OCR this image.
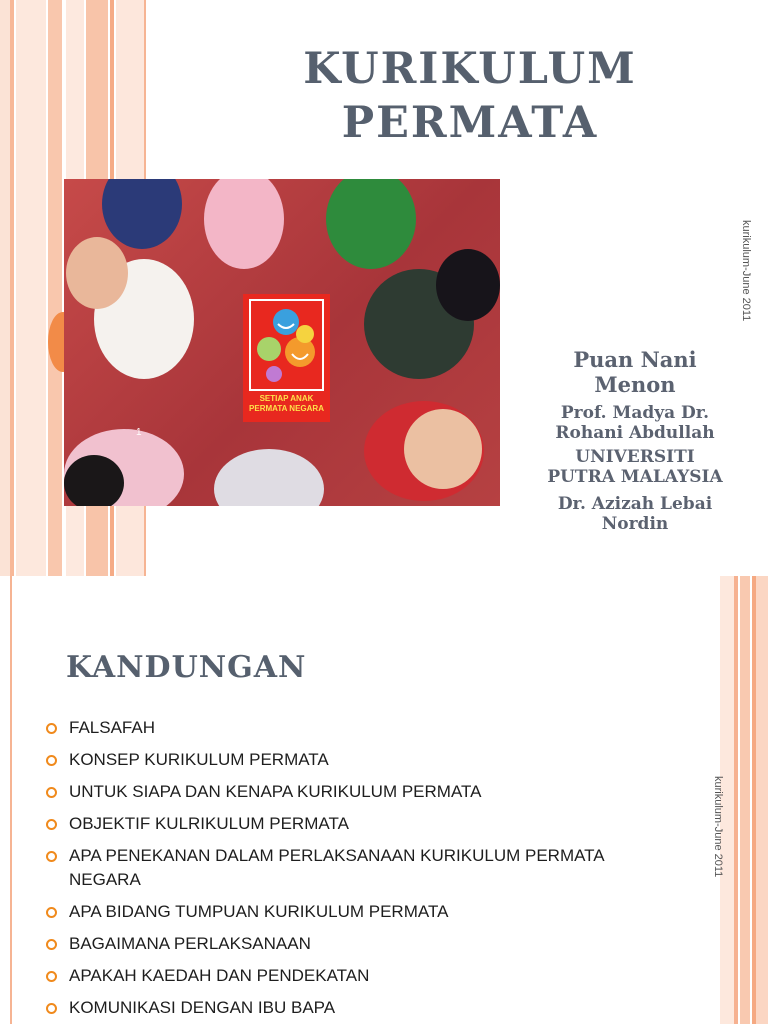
KURIKULUM
PERMATA
1
SETIAP ANAK
PERMATA NEGARA
kurikulum-June 2011
Puan Nani
Menon
Prof. Madya Dr.
Rohani Abdullah
UNIVERSITI
PUTRA MALAYSIA
Dr. Azizah Lebai
Nordin
kurikulum-June 2011
KANDUNGAN
FALSAFAH
KONSEP KURIKULUM PERMATA
UNTUK SIAPA DAN KENAPA KURIKULUM PERMATA
OBJEKTIF KULRIKULUM PERMATA
APA PENEKANAN DALAM PERLAKSANAAN KURIKULUM PERMATA NEGARA
APA BIDANG TUMPUAN KURIKULUM PERMATA
BAGAIMANA PERLAKSANAAN
APAKAH KAEDAH DAN PENDEKATAN
KOMUNIKASI DENGAN IBU BAPA
